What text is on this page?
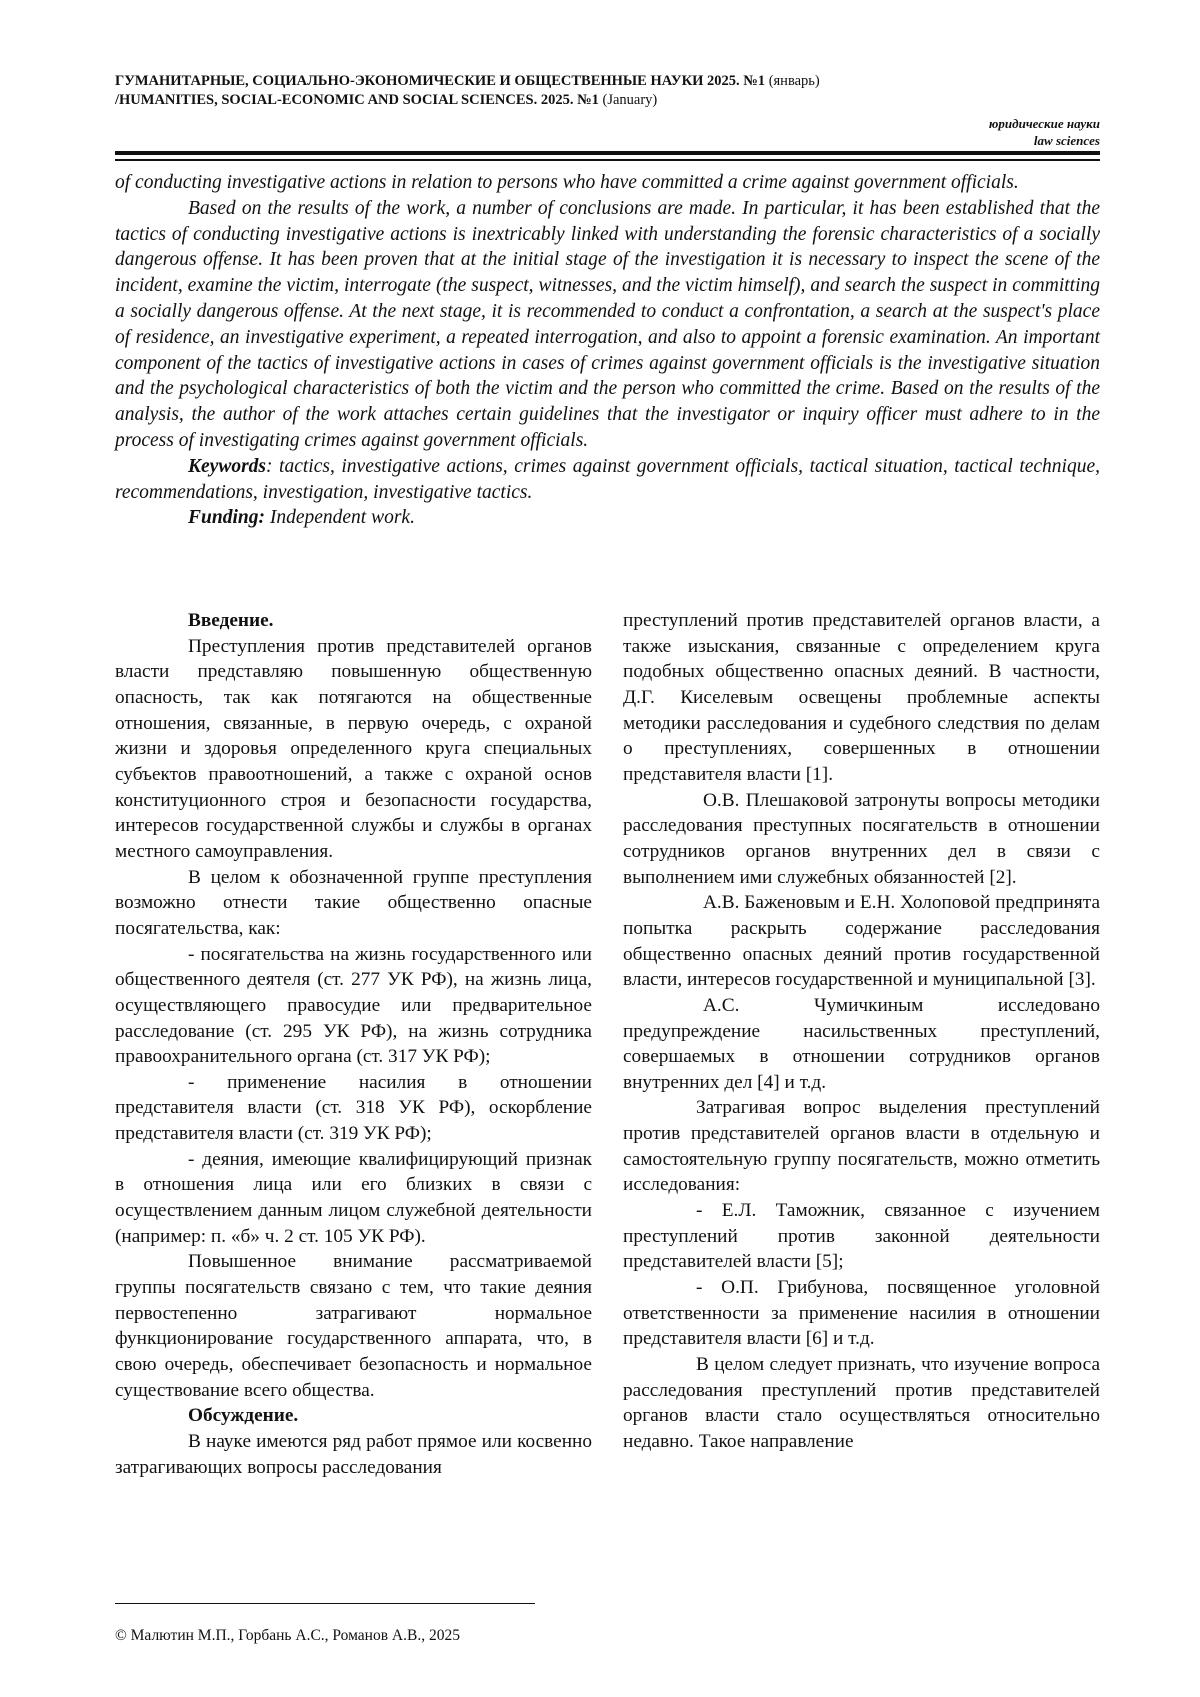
ГУМАНИТАРНЫЕ, СОЦИАЛЬНО-ЭКОНОМИЧЕСКИЕ И ОБЩЕСТВЕННЫЕ НАУКИ 2025. №1 (январь)
/HUMANITIES, SOCIAL-ECONOMIC AND SOCIAL SCIENCES. 2025. №1 (January)
юридические науки
law sciences

of conducting investigative actions in relation to persons who have committed a crime against government officials.

Based on the results of the work, a number of conclusions are made. In particular, it has been established that the tactics of conducting investigative actions is inextricably linked with understanding the forensic characteristics of a socially dangerous offense. It has been proven that at the initial stage of the investigation it is necessary to inspect the scene of the incident, examine the victim, interrogate (the suspect, witnesses, and the victim himself), and search the suspect in committing a socially dangerous offense. At the next stage, it is recommended to conduct a confrontation, a search at the suspect's place of residence, an investigative experiment, a repeated interrogation, and also to appoint a forensic examination. An important component of the tactics of investigative actions in cases of crimes against government officials is the investigative situation and the psychological characteristics of both the victim and the person who committed the crime. Based on the results of the analysis, the author of the work attaches certain guidelines that the investigator or inquiry officer must adhere to in the process of investigating crimes against government officials.

Keywords: tactics, investigative actions, crimes against government officials, tactical situation, tactical technique, recommendations, investigation, investigative tactics.

Funding: Independent work.

Введение.

Преступления против представителей органов власти представляю повышенную общественную опасность, так как потягаются на общественные отношения, связанные, в первую очередь, с охраной жизни и здоровья определенного круга специальных субъектов правоотношений, а также с охраной основ конституционного строя и безопасности государства, интересов государственной службы и службы в органах местного самоуправления.

В целом к обозначенной группе преступления возможно отнести такие общественно опасные посягательства, как:

- посягательства на жизнь государственного или общественного деятеля (ст. 277 УК РФ), на жизнь лица, осуществляющего правосудие или предварительное расследование (ст. 295 УК РФ), на жизнь сотрудника правоохранительного органа (ст. 317 УК РФ);

- применение насилия в отношении представителя власти (ст. 318 УК РФ), оскорбление представителя власти (ст. 319 УК РФ);

- деяния, имеющие квалифицирующий признак в отношения лица или его близких в связи с осуществлением данным лицом служебной деятельности (например: п. «б» ч. 2 ст. 105 УК РФ).

Повышенное внимание рассматриваемой группы посягательств связано с тем, что такие деяния первостепенно затрагивают нормальное функционирование государственного аппарата, что, в свою очередь, обеспечивает безопасность и нормальное существование всего общества.

Обсуждение.

В науке имеются ряд работ прямое или косвенно затрагивающих вопросы расследования

преступлений против представителей органов власти, а также изыскания, связанные с определением круга подобных общественно опасных деяний. В частности, Д.Г. Киселевым освещены проблемные аспекты методики расследования и судебного следствия по делам о преступлениях, совершенных в отношении представителя власти [1].

О.В. Плешаковой затронуты вопросы методики расследования преступных посягательств в отношении сотрудников органов внутренних дел в связи с выполнением ими служебных обязанностей [2].

А.В. Баженовым и Е.Н. Холоповой предпринята попытка раскрыть содержание расследования общественно опасных деяний против государственной власти, интересов государственной и муниципальной [3].

А.С. Чумичкиным исследовано предупреждение насильственных преступлений, совершаемых в отношении сотрудников органов внутренних дел [4] и т.д.

Затрагивая вопрос выделения преступлений против представителей органов власти в отдельную и самостоятельную группу посягательств, можно отметить исследования:

- Е.Л. Таможник, связанное с изучением преступлений против законной деятельности представителей власти [5];

- О.П. Грибунова, посвященное уголовной ответственности за применение насилия в отношении представителя власти [6] и т.д.

В целом следует признать, что изучение вопроса расследования преступлений против представителей органов власти стало осуществляться относительно недавно. Такое направление

© Малютин М.П., Горбань А.С., Романов А.В., 2025
